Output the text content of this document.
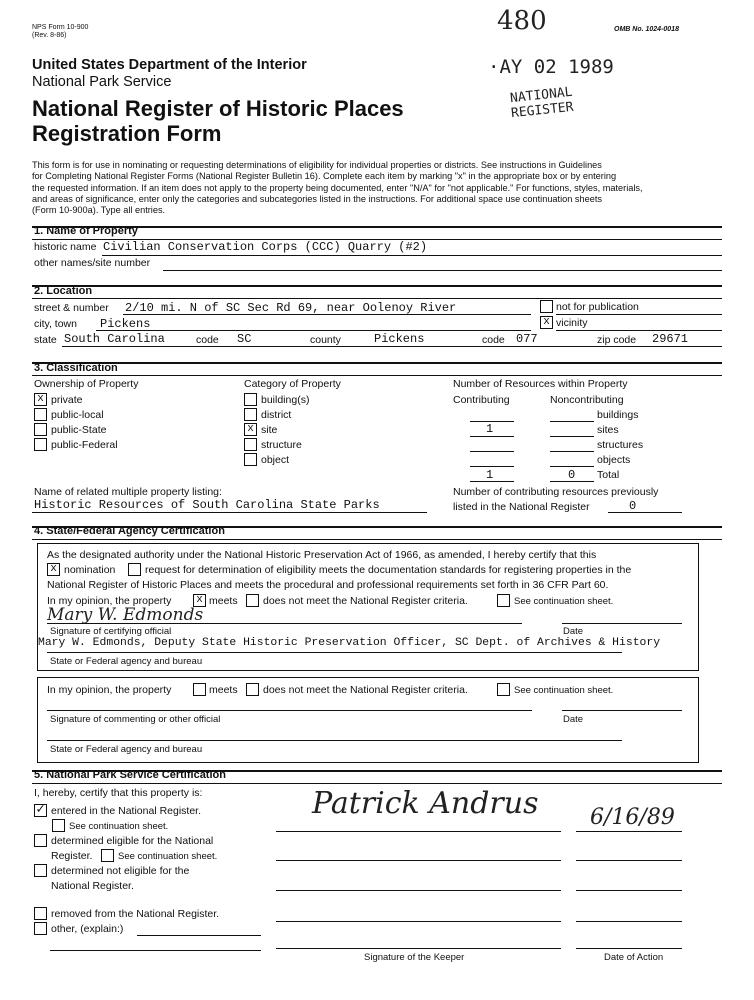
NPS Form 10-900
(Rev. 8-86)
OMB No. 1024-0018
480
·AY 02 1989
NATIONAL
REGISTER
United States Department of the Interior
National Park Service
National Register of Historic Places
Registration Form
This form is for use in nominating or requesting determinations of eligibility for individual properties or districts. See instructions in Guidelines
for Completing National Register Forms (National Register Bulletin 16). Complete each item by marking "x" in the appropriate box or by entering
the requested information. If an item does not apply to the property being documented, enter "N/A" for "not applicable." For functions, styles, materials,
and areas of significance, enter only the categories and subcategories listed in the instructions. For additional space use continuation sheets
(Form 10-900a). Type all entries.
1. Name of Property
historic name Civilian Conservation Corps (CCC) Quarry (#2)
other names/site number
2. Location
street & number 2/10 mi. N of SC Sec Rd 69, near Oolenoy River	not for publication
city, town Pickens	x vicinity
state South Carolina	code SC	county	Pickens	code 077	zip code 29671
3. Classification
Ownership of Property
x private
public-local
public-State
public-Federal
Category of Property
building(s)
district
x site
structure
object
Number of Resources within Property
Contributing	Noncontributing
buildings
1	sites
structures
objects
1	0 Total
Name of related multiple property listing:
Historic Resources of South Carolina State Parks
Number of contributing resources previously
listed in the National Register	0
4. State/Federal Agency Certification
As the designated authority under the National Historic Preservation Act of 1966, as amended, I hereby certify that this
x nomination	request for determination of eligibility meets the documentation standards for registering properties in the
National Register of Historic Places and meets the procedural and professional requirements set forth in 36 CFR Part 60.
In my opinion, the property x meets does not meet the National Register criteria.	See continuation sheet.
Mary W. Edmonds
Signature of certifying official	Date
Mary W. Edmonds, Deputy State Historic Preservation Officer, SC Dept. of Archives & History
State or Federal agency and bureau
In my opinion, the property	meets does not meet the National Register criteria.	See continuation sheet.
Signature of commenting or other official	Date
State or Federal agency and bureau
5. National Park Service Certification
I, hereby, certify that this property is:
✓ entered in the National Register.
See continuation sheet.
determined eligible for the National
Register.	See continuation sheet.
determined not eligible for the
National Register.
removed from the National Register.
other, (explain:)
Patrick Andrus 6/16/89
Signature of the Keeper	Date of Action
